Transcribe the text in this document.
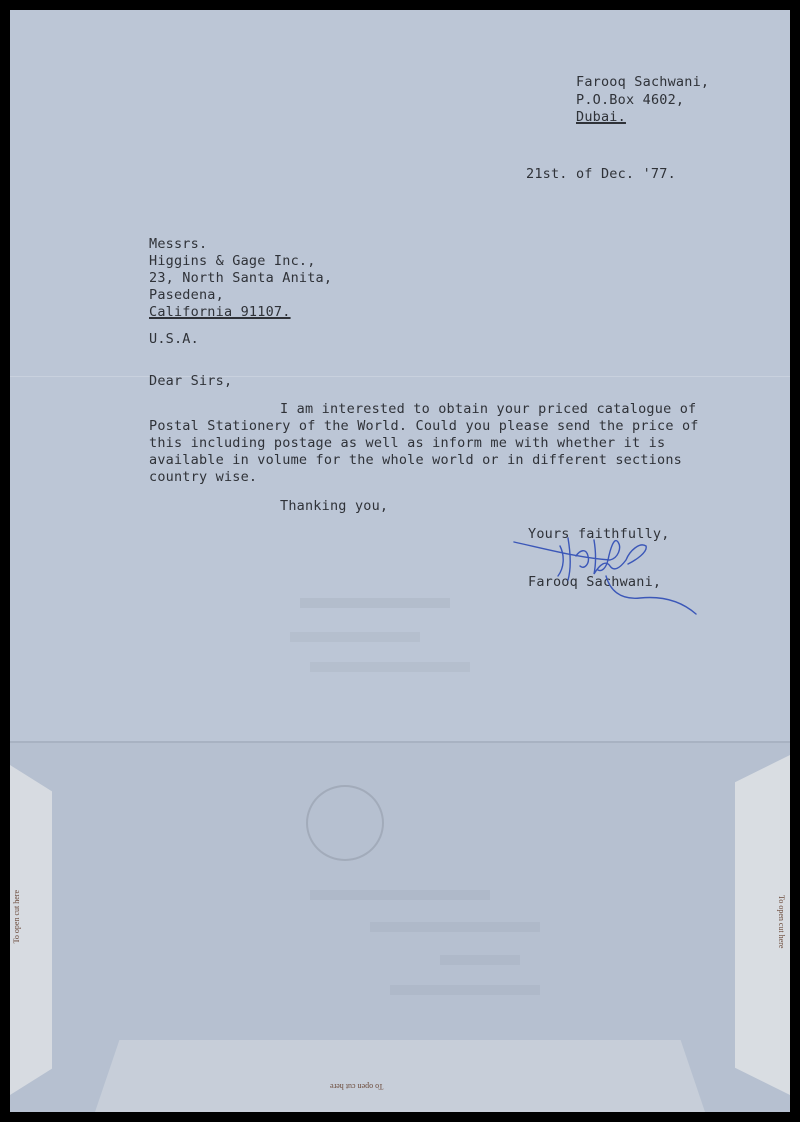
Farooq Sachwani,
P.O.Box 4602,
Dubai.
21st. of Dec. '77.
Messrs.
Higgins & Gage Inc.,
23, North Santa Anita,
Pasedena,
California 91107.
U.S.A.
Dear Sirs,
I am interested to obtain your priced catalogue of
Postal Stationery of the World. Could you please send the price of
this including postage as well as inform me with whether it is
available in volume for the whole world or in different sections
country wise.
Thanking you,
Yours faithfully,
Farooq Sachwani,
To open cut here	To open cut here
To open cut here
